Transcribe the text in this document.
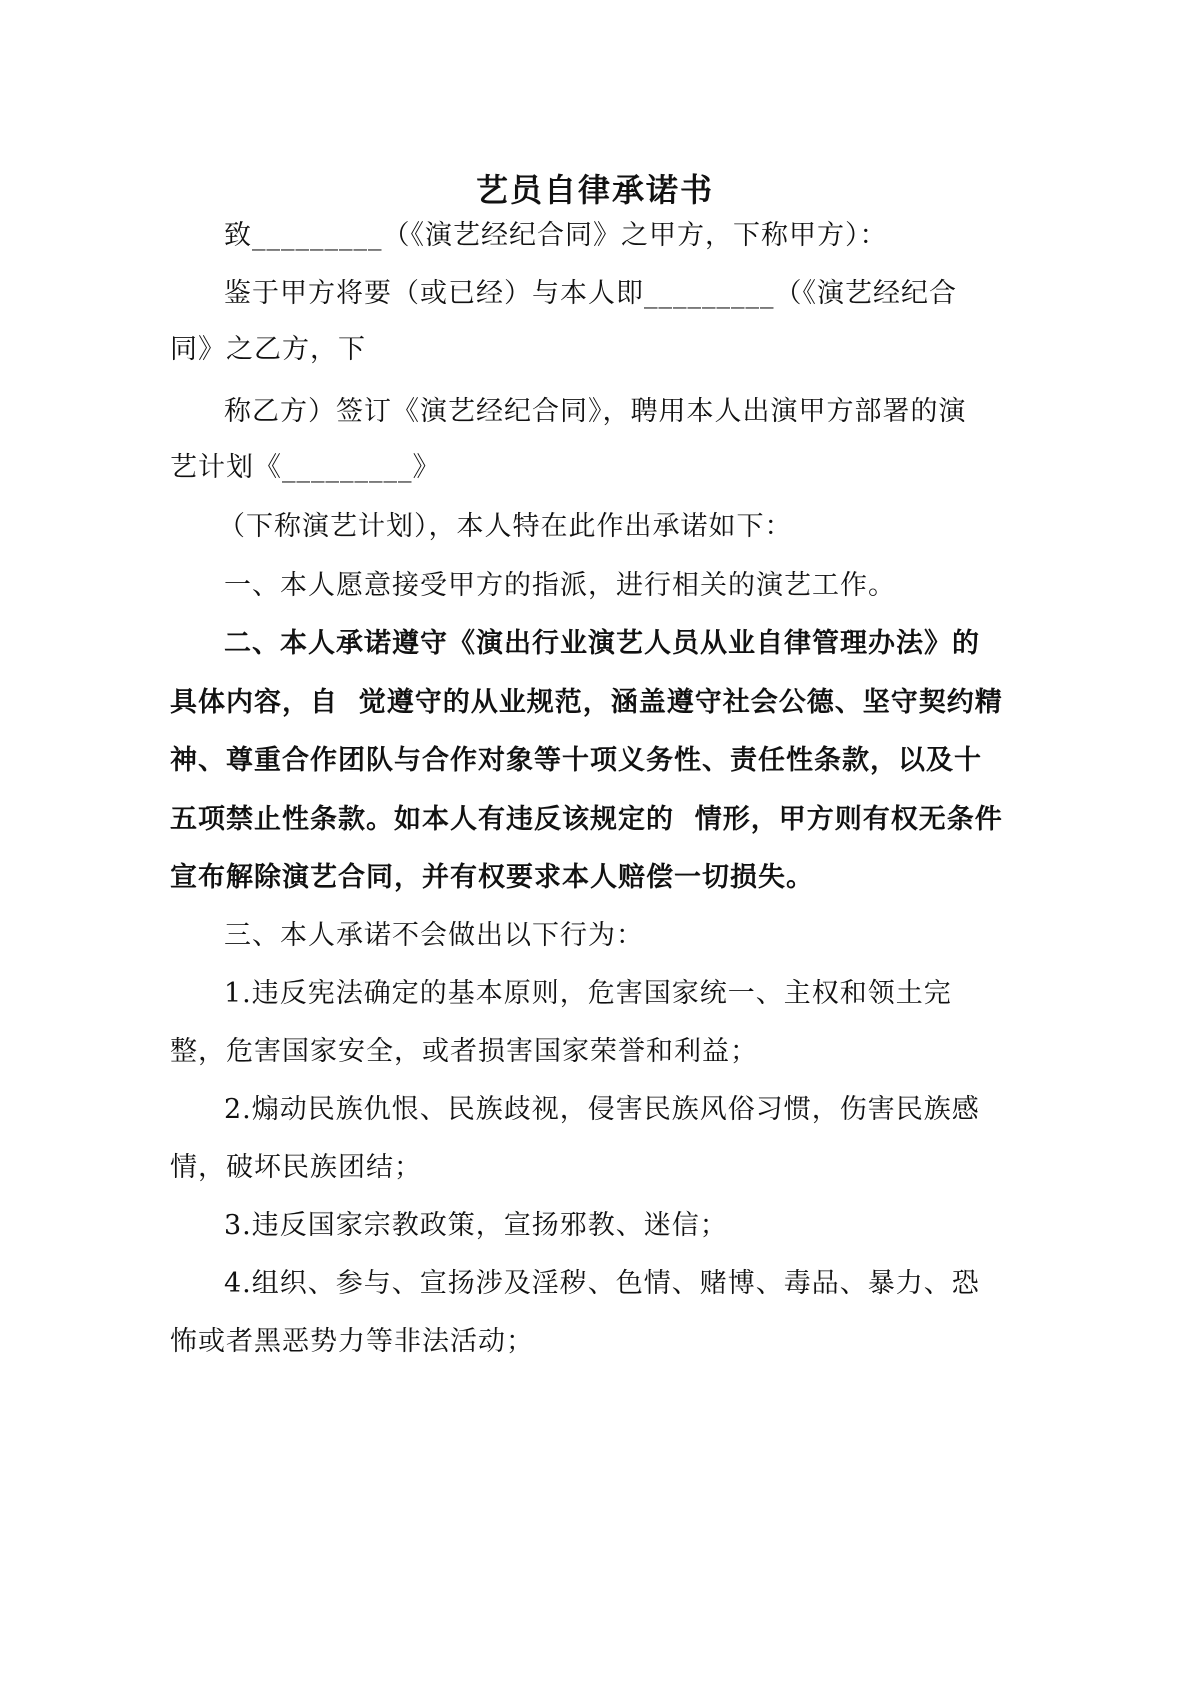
艺员自律承诺书
致_________（《演艺经纪合同》之甲方，下称甲方）：
鉴于甲方将要（或已经）与本人即_________（《演艺经纪合
同》之乙方，下
称乙方）签订《演艺经纪合同》，聘用本人出演甲方部署的演
艺计划《_________》
（下称演艺计划），本人特在此作出承诺如下：
一、本人愿意接受甲方的指派，进行相关的演艺工作。
二、本人承诺遵守《演出行业演艺人员从业自律管理办法》的
具体内容，自  觉遵守的从业规范，涵盖遵守社会公德、坚守契约精
神、尊重合作团队与合作对象等十项义务性、责任性条款，以及十
五项禁止性条款。如本人有违反该规定的  情形，甲方则有权无条件
宣布解除演艺合同，并有权要求本人赔偿一切损失。
三、本人承诺不会做出以下行为：
1.违反宪法确定的基本原则，危害国家统一、主权和领土完
整，危害国家安全，或者损害国家荣誉和利益；
2.煽动民族仇恨、民族歧视，侵害民族风俗习惯，伤害民族感
情，破坏民族团结；
3.违反国家宗教政策，宣扬邪教、迷信；
4.组织、参与、宣扬涉及淫秽、色情、赌博、毒品、暴力、恐
怖或者黑恶势力等非法活动；
